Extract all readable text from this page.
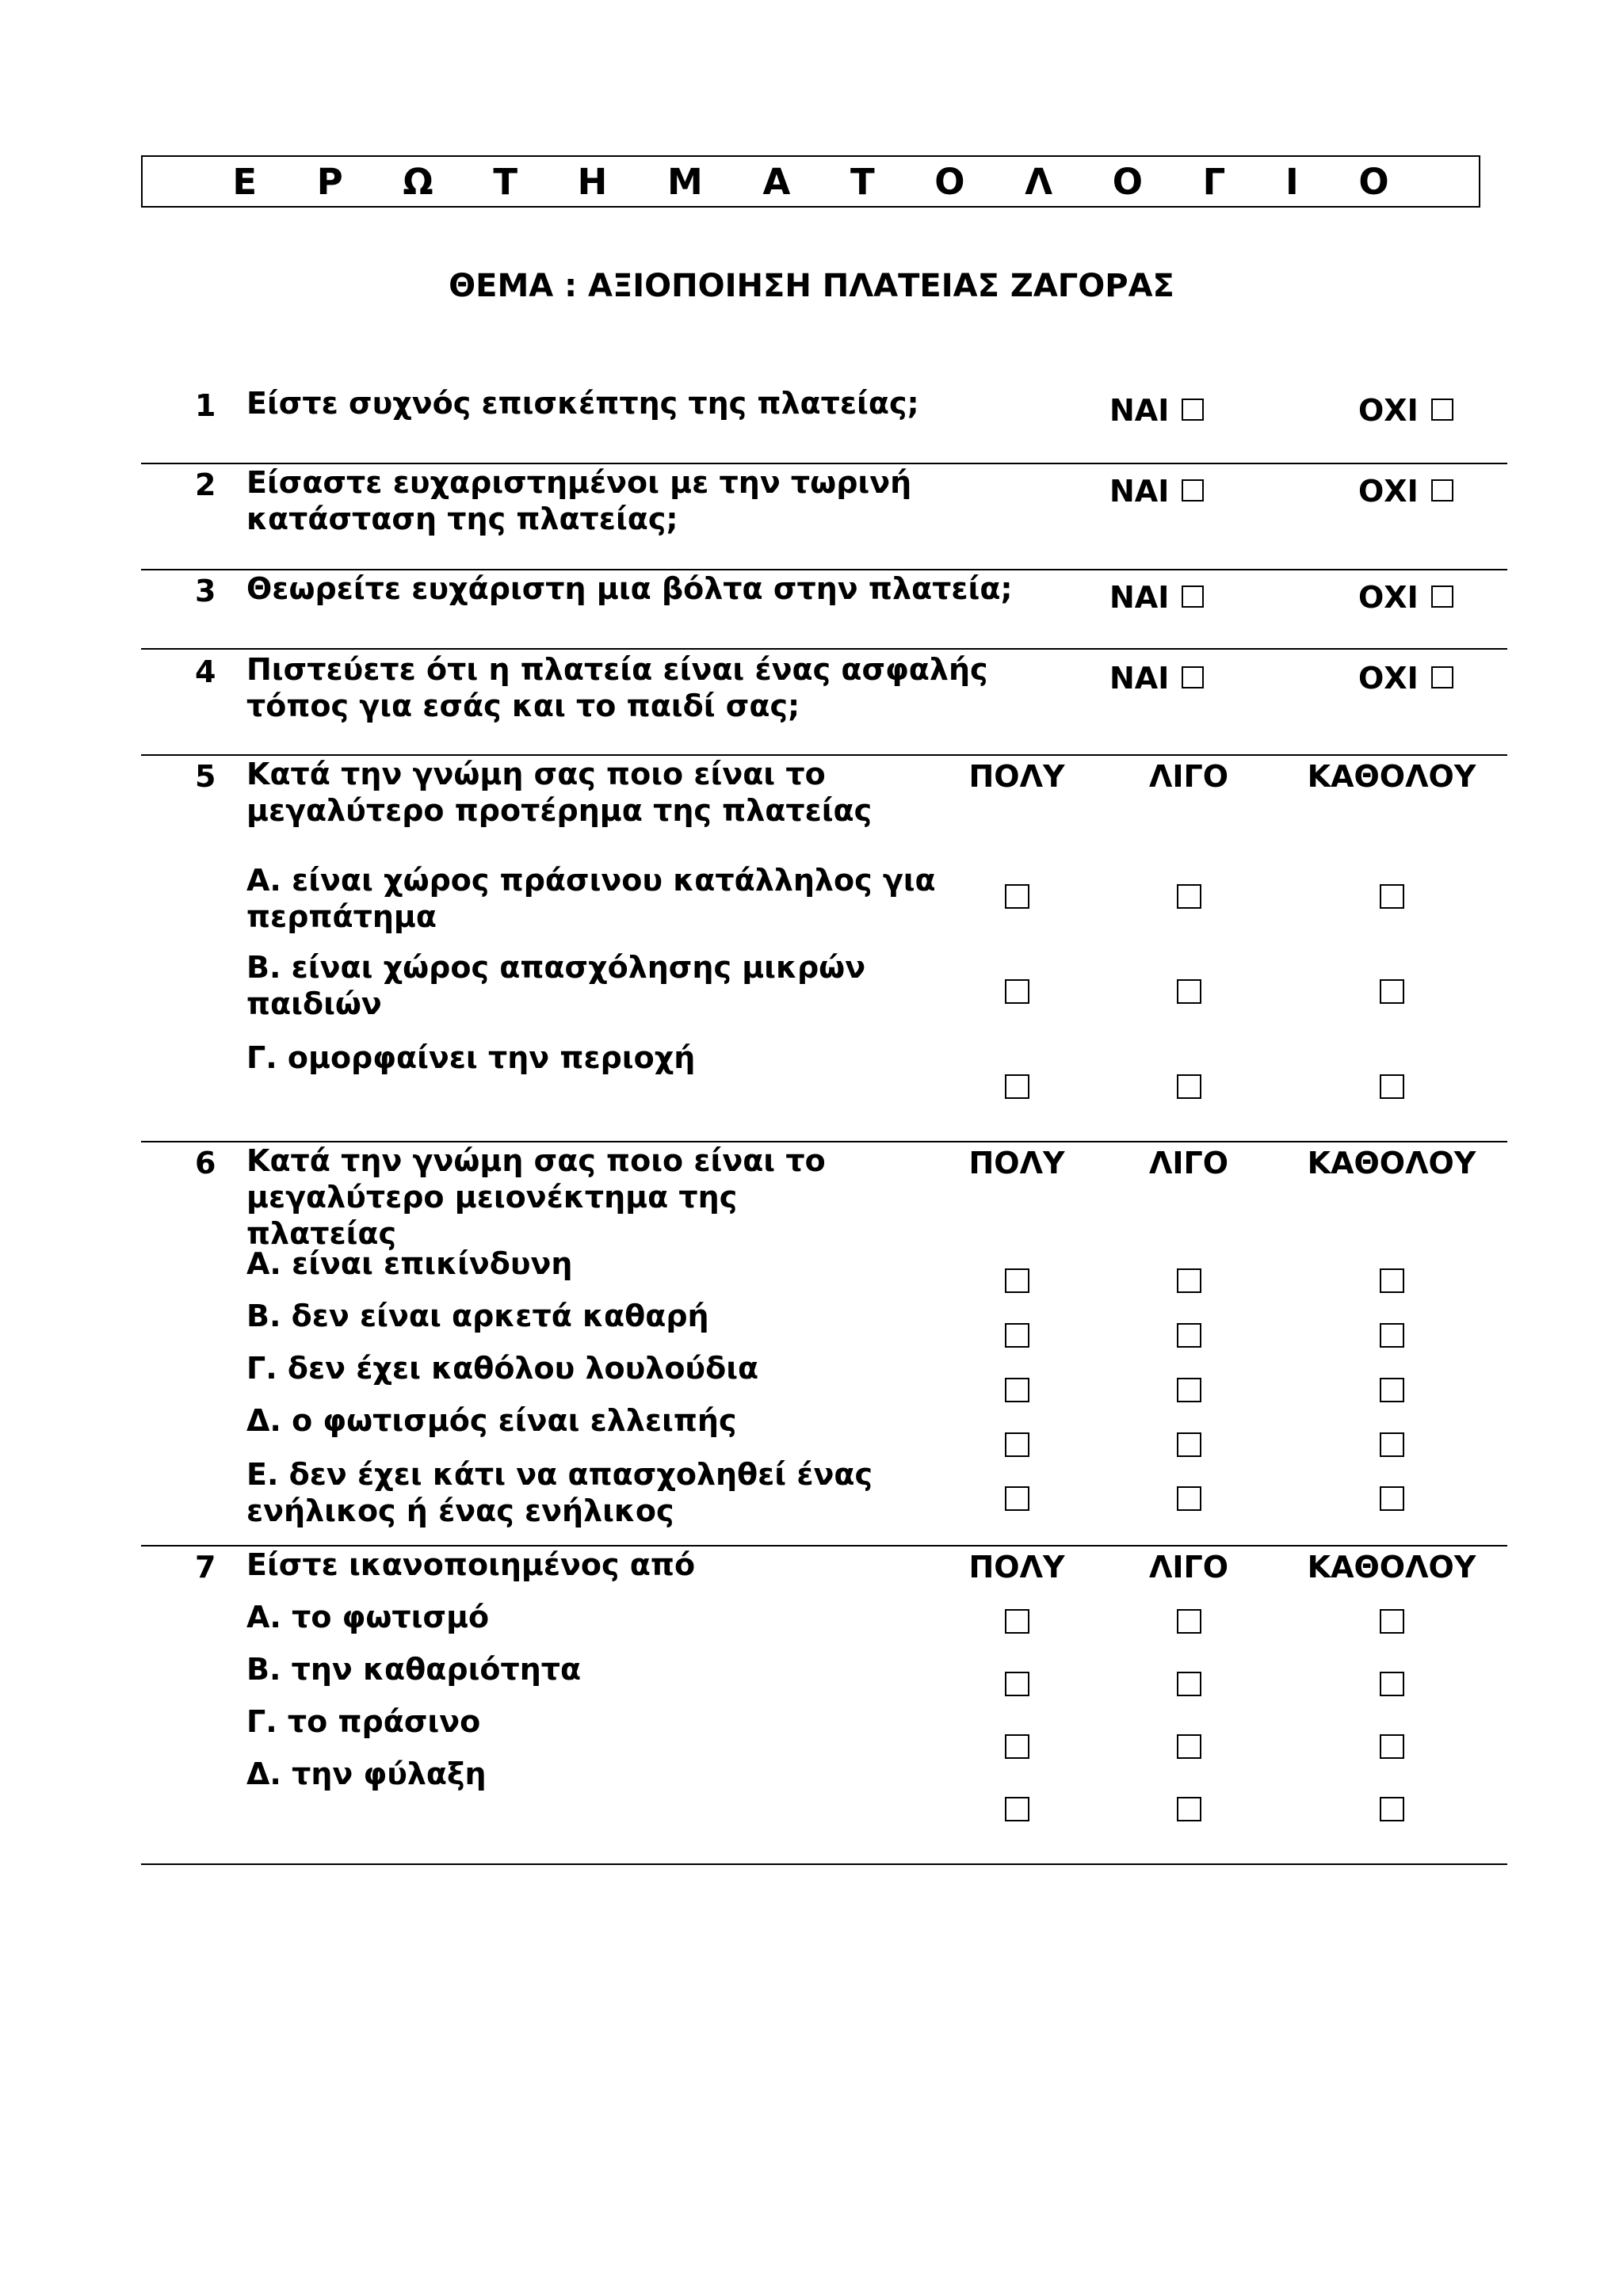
Ε Ρ Ω Τ Η Μ Α Τ Ο Λ Ο Γ Ι Ο
ΘΕΜΑ : ΑΞΙΟΠΟΙΗΣΗ ΠΛΑΤΕΙΑΣ ΖΑΓΟΡΑΣ
1 Είστε συχνός επισκέπτης της πλατείας;	ΝΑΙ	ΟΧΙ
2 Είσαστε ευχαριστημένοι με την τωρινή κατάσταση της πλατείας;
ΝΑΙ	ΟΧΙ
3 Θεωρείτε ευχάριστη μια βόλτα στην πλατεία;	ΝΑΙ	ΟΧΙ
4 Πιστεύετε ότι η πλατεία είναι ένας ασφαλής τόπος για εσάς και το παιδί σας;
ΝΑΙ	ΟΧΙ
5 Κατά την γνώμη σας ποιο είναι το μεγαλύτερο προτέρημα της πλατείας
ΠΟΛΥ	ΛΙΓΟ	ΚΑΘΟΛΟΥ
Α. είναι χώρος πράσινου κατάλληλος για περπάτημα
Β. είναι χώρος απασχόλησης μικρών παιδιών
Γ. ομορφαίνει την περιοχή
6 Κατά την γνώμη σας ποιο είναι το μεγαλύτερο μειονέκτημα της πλατείας
ΠΟΛΥ	ΛΙΓΟ	ΚΑΘΟΛΟΥ
Α. είναι επικίνδυνη
Β. δεν είναι αρκετά καθαρή
Γ. δεν έχει καθόλου λουλούδια
Δ. ο φωτισμός είναι ελλειπής
Ε. δεν έχει κάτι να απασχοληθεί ένας ενήλικος ή ένας ενήλικος
7 Είστε ικανοποιημένος από	ΠΟΛΥ	ΛΙΓΟ	ΚΑΘΟΛΟΥ
Α. το φωτισμό
Β. την καθαριότητα
Γ. το πράσινο
Δ. την φύλαξη
